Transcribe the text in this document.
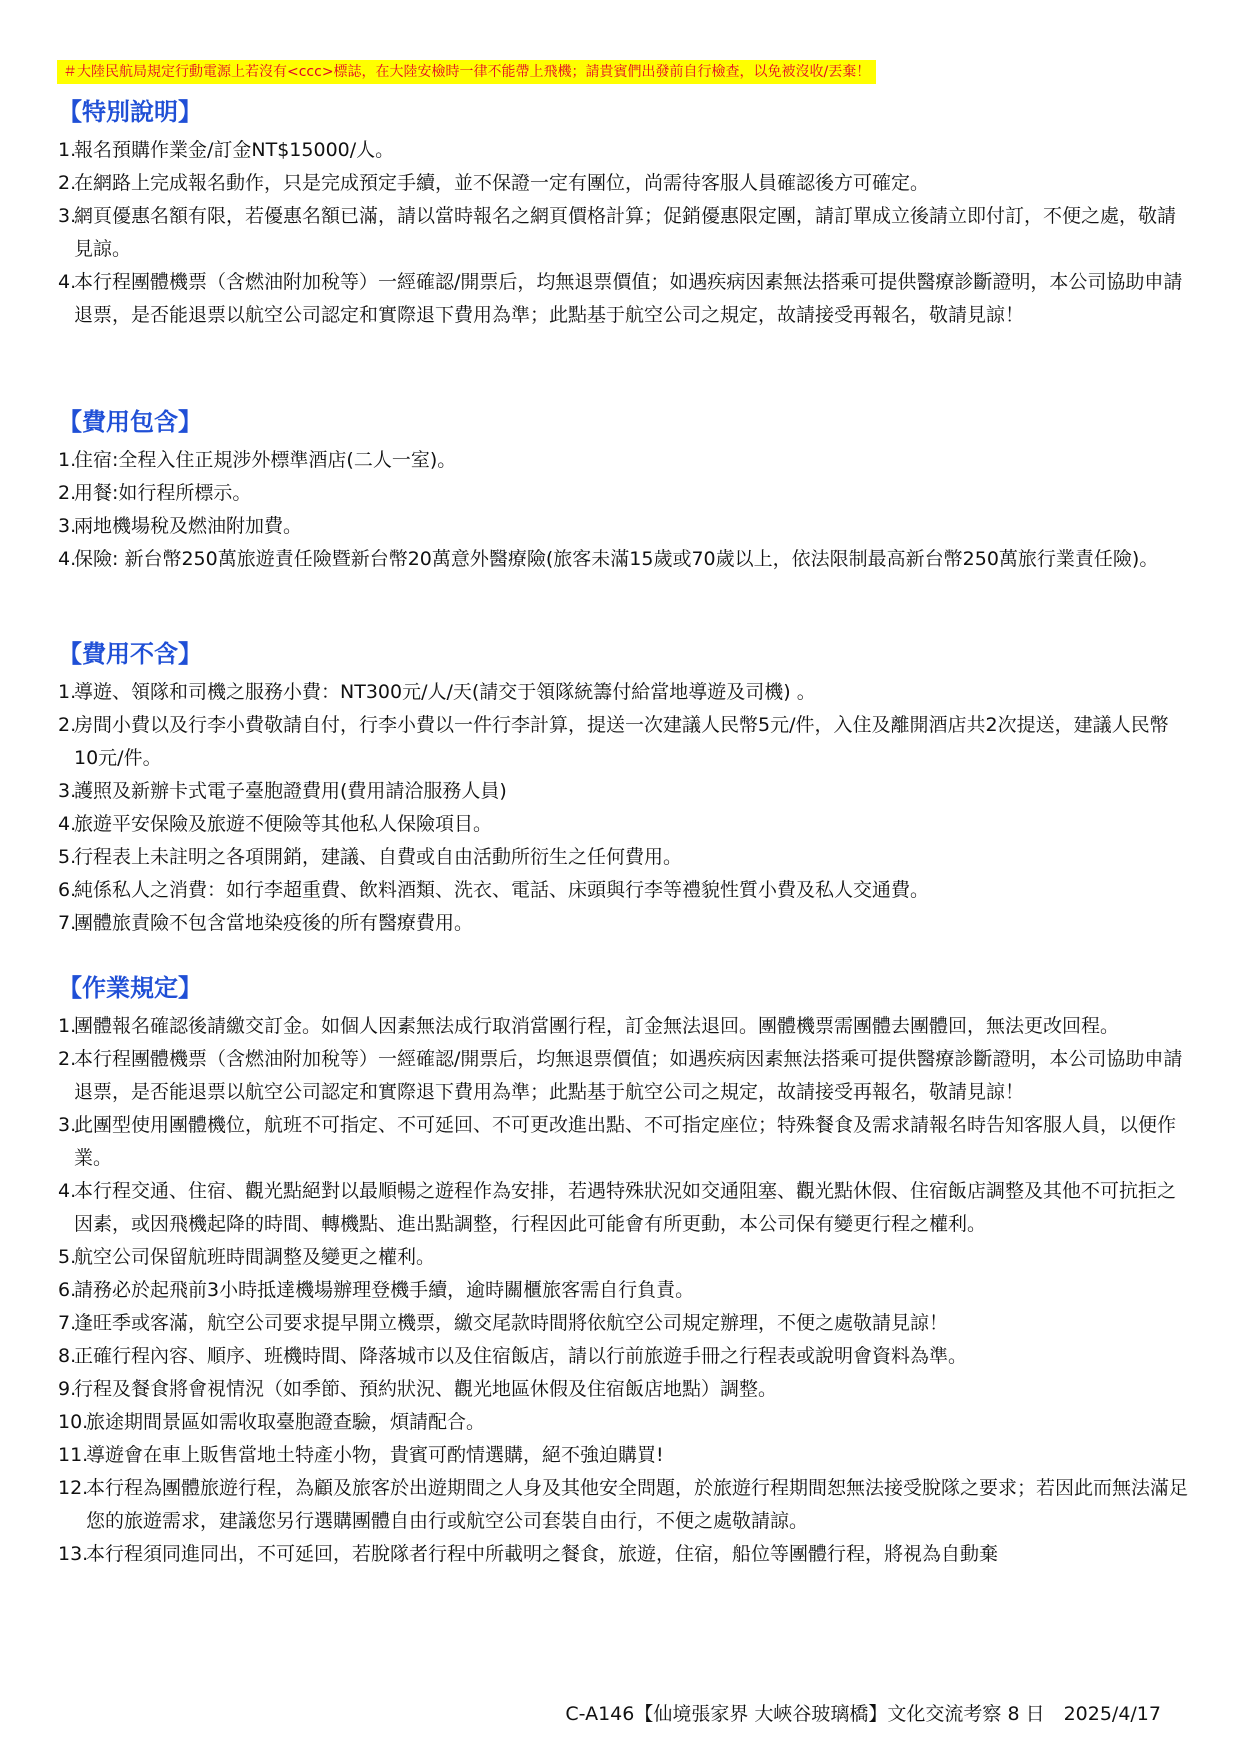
＃大陸民航局規定行動電源上若沒有<ccc>標誌，在大陸安檢時一律不能帶上飛機；請貴賓們出發前自行檢查，以免被沒收/丟棄！
【特別說明】
1.
報名預購作業金/訂金NT$15000/人。
2.
在網路上完成報名動作，只是完成預定手續，並不保證一定有團位，尚需待客服人員確認後方可確定。
3.
網頁優惠名額有限，若優惠名額已滿，請以當時報名之網頁價格計算；促銷優惠限定團，請訂單成立後請立即付訂，不便之處，敬請見諒。
4.
本行程團體機票（含燃油附加稅等）一經確認/開票后，均無退票價值；如遇疾病因素無法搭乘可提供醫療診斷證明，本公司協助申請退票，是否能退票以航空公司認定和實際退下費用為準；此點基于航空公司之規定，故請接受再報名，敬請見諒！
【費用包含】
1.
住宿:全程入住正規涉外標準酒店(二人一室)。
2.
用餐:如行程所標示。
3.
兩地機場稅及燃油附加費。
4.
保險: 新台幣250萬旅遊責任險暨新台幣20萬意外醫療險(旅客未滿15歲或70歲以上，依法限制最高新台幣250萬旅行業責任險)。
【費用不含】
1.
導遊、領隊和司機之服務小費：NT300元/人/天(請交于領隊統籌付給當地導遊及司機) 。
2.
房間小費以及行李小費敬請自付，行李小費以一件行李計算，提送一次建議人民幣5元/件，入住及離開酒店共2次提送，建議人民幣10元/件。
3.
護照及新辦卡式電子臺胞證費用(費用請洽服務人員)
4.
旅遊平安保險及旅遊不便險等其他私人保險項目。
5.
行程表上未註明之各項開銷，建議、自費或自由活動所衍生之任何費用。
6.
純係私人之消費：如行李超重費、飲料酒類、洗衣、電話、床頭與行李等禮貌性質小費及私人交通費。
7.
團體旅責險不包含當地染疫後的所有醫療費用。
【作業規定】
1.
團體報名確認後請繳交訂金。如個人因素無法成行取消當團行程，訂金無法退回。團體機票需團體去團體回，無法更改回程。
2.
本行程團體機票（含燃油附加稅等）一經確認/開票后，均無退票價值；如遇疾病因素無法搭乘可提供醫療診斷證明，本公司協助申請退票，是否能退票以航空公司認定和實際退下費用為準；此點基于航空公司之規定，故請接受再報名，敬請見諒！
3.
此團型使用團體機位，航班不可指定、不可延回、不可更改進出點、不可指定座位；特殊餐食及需求請報名時告知客服人員，以便作業。
4.
本行程交通、住宿、觀光點絕對以最順暢之遊程作為安排，若遇特殊狀況如交通阻塞、觀光點休假、住宿飯店調整及其他不可抗拒之因素，或因飛機起降的時間、轉機點、進出點調整，行程因此可能會有所更動，本公司保有變更行程之權利。
5.
航空公司保留航班時間調整及變更之權利。
6.
請務必於起飛前3小時抵達機場辦理登機手續，逾時關櫃旅客需自行負責。
7.
逢旺季或客滿，航空公司要求提早開立機票，繳交尾款時間將依航空公司規定辦理，不便之處敬請見諒！
8.
正確行程內容、順序、班機時間、降落城市以及住宿飯店，請以行前旅遊手冊之行程表或說明會資料為準。
9.
行程及餐食將會視情況（如季節、預約狀況、觀光地區休假及住宿飯店地點）調整。
10.
旅途期間景區如需收取臺胞證查驗，煩請配合。
11.
導遊會在車上販售當地土特產小物，貴賓可酌情選購，絕不強迫購買!
12.
本行程為團體旅遊行程，為顧及旅客於出遊期間之人身及其他安全問題，於旅遊行程期間恕無法接受脫隊之要求；若因此而無法滿足您的旅遊需求，建議您另行選購團體自由行或航空公司套裝自由行，不便之處敬請諒。
13.
本行程須同進同出，不可延回，若脫隊者行程中所載明之餐食，旅遊，住宿，船位等團體行程，將視為自動棄
C-A146【仙境張家界 大峽谷玻璃橋】文化交流考察 8 日　2025/4/17
